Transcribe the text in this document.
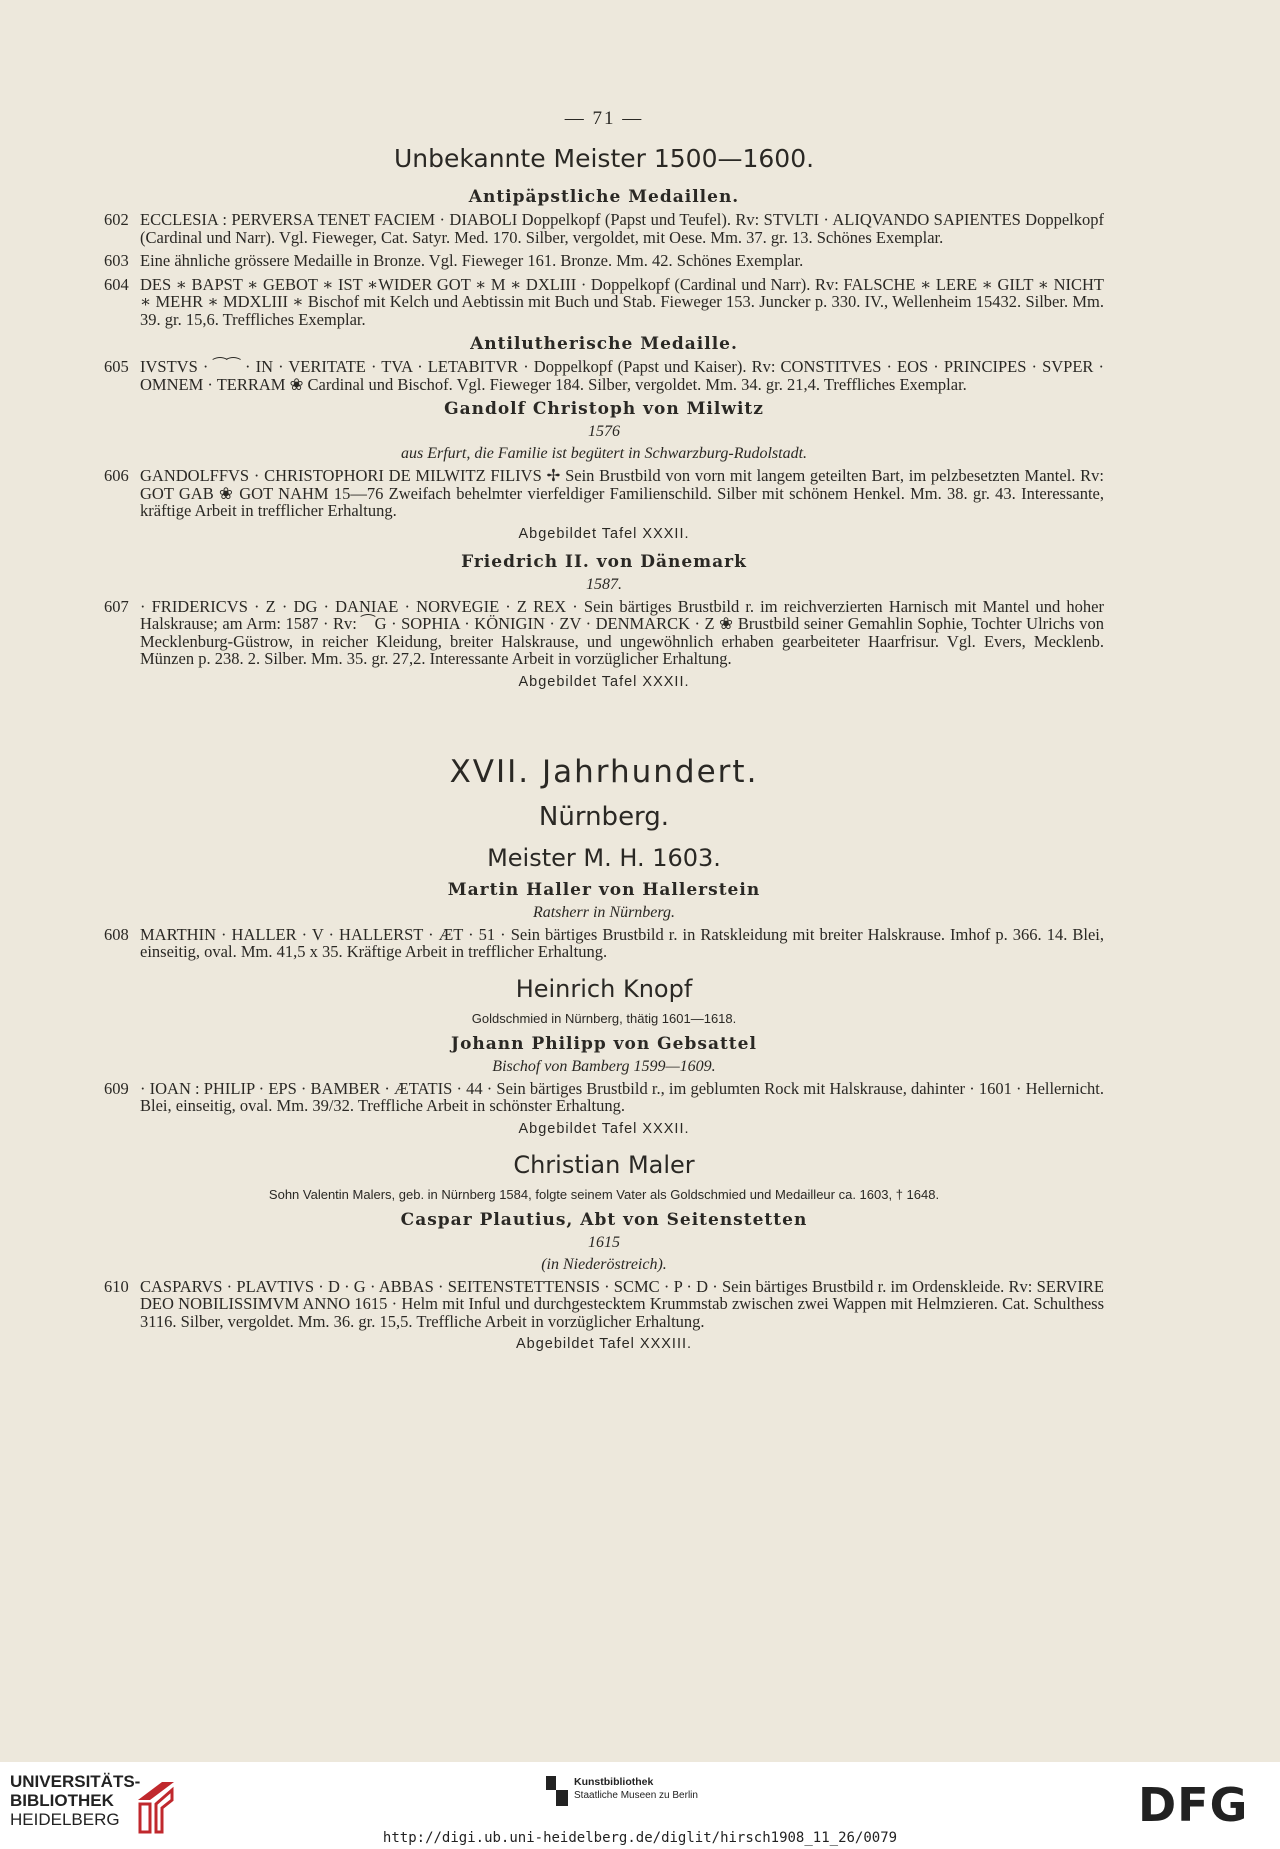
— 71 —
Unbekannte Meister 1500—1600.
Antipäpstliche Medaillen.
602 ECCLESIA : PERVERSA TENET FACIEM · DIABOLI Doppelkopf (Papst und Teufel). Rv: STVLTI · ALIQVANDO SAPIENTES Doppelkopf (Cardinal und Narr). Vgl. Fieweger, Cat. Satyr. Med. 170. Silber, vergoldet, mit Oese. Mm. 37. gr. 13. Schönes Exemplar.
603 Eine ähnliche grössere Medaille in Bronze. Vgl. Fieweger 161. Bronze. Mm. 42. Schönes Exemplar.
604 DES ∗ BAPST ∗ GEBOT ∗ IST ∗WIDER GOT ∗ M ∗ DXLIII · Doppelkopf (Cardinal und Narr). Rv: FALSCHE ∗ LERE ∗ GILT ∗ NICHT ∗ MEHR ∗ MDXLIII ∗ Bischof mit Kelch und Aebtissin mit Buch und Stab. Fieweger 153. Juncker p. 330. IV., Wellenheim 15432. Silber. Mm. 39. gr. 15,6. Treffliches Exemplar.
Antilutherische Medaille.
605 IVSTVS · ⁀⁀ · IN · VERITATE · TVA · LETABITVR · Doppelkopf (Papst und Kaiser). Rv: CONSTITVES · EOS · PRINCIPES · SVPER · OMNEM · TERRAM ❀ Cardinal und Bischof. Vgl. Fieweger 184. Silber, vergoldet. Mm. 34. gr. 21,4. Treffliches Exemplar.
Gandolf Christoph von Milwitz
1576
aus Erfurt, die Familie ist begütert in Schwarzburg-Rudolstadt.
606 GANDOLFFVS · CHRISTOPHORI DE MILWITZ FILIVS ✢ Sein Brustbild von vorn mit langem geteilten Bart, im pelzbesetzten Mantel. Rv: GOT GAB ❀ GOT NAHM 15—76 Zweifach behelmter vierfeldiger Familienschild. Silber mit schönem Henkel. Mm. 38. gr. 43. Interessante, kräftige Arbeit in trefflicher Erhaltung.
Abgebildet Tafel XXXII.
Friedrich II. von Dänemark
1587.
607 · FRIDERICVS · Z · DG · DANIAE · NORVEGIE · Z REX · Sein bärtiges Brustbild r. im reichverzierten Harnisch mit Mantel und hoher Halskrause; am Arm: 1587 · Rv: ⁀G · SOPHIA · KÖNIGIN · ZV · DENMARCK · Z ❀ Brustbild seiner Gemahlin Sophie, Tochter Ulrichs von Mecklenburg-Güstrow, in reicher Kleidung, breiter Halskrause, und ungewöhnlich erhaben gearbeiteter Haarfrisur. Vgl. Evers, Mecklenb. Münzen p. 238. 2. Silber. Mm. 35. gr. 27,2. Interessante Arbeit in vorzüglicher Erhaltung.
Abgebildet Tafel XXXII.
XVII. Jahrhundert.
Nürnberg.
Meister M. H. 1603.
Martin Haller von Hallerstein
Ratsherr in Nürnberg.
608 MARTHIN · HALLER · V · HALLERST · ÆT · 51 · Sein bärtiges Brustbild r. in Ratskleidung mit breiter Halskrause. Imhof p. 366. 14. Blei, einseitig, oval. Mm. 41,5 x 35. Kräftige Arbeit in trefflicher Erhaltung.
Heinrich Knopf
Goldschmied in Nürnberg, thätig 1601—1618.
Johann Philipp von Gebsattel
Bischof von Bamberg 1599—1609.
609 · IOAN : PHILIP · EPS · BAMBER · ÆTATIS · 44 · Sein bärtiges Brustbild r., im geblumten Rock mit Halskrause, dahinter · 1601 · Hellernicht. Blei, einseitig, oval. Mm. 39/32. Treffliche Arbeit in schönster Erhaltung.
Abgebildet Tafel XXXII.
Christian Maler
Sohn Valentin Malers, geb. in Nürnberg 1584, folgte seinem Vater als Goldschmied und Medailleur ca. 1603, † 1648.
Caspar Plautius, Abt von Seitenstetten
1615
(in Niederöstreich).
610 CASPARVS · PLAVTIVS · D · G · ABBAS · SEITENSTETTENSIS · SCMC · P · D · Sein bärtiges Brustbild r. im Ordenskleide. Rv: SERVIRE DEO NOBILISSIMVM ANNO 1615 · Helm mit Inful und durchgestecktem Krummstab zwischen zwei Wappen mit Helmzieren. Cat. Schulthess 3116. Silber, vergoldet. Mm. 36. gr. 15,5. Treffliche Arbeit in vorzüglicher Erhaltung.
Abgebildet Tafel XXXIII.
UNIVERSITÄTS-
BIBLIOTHEK
HEIDELBERG
Kunstbibliothek
Staatliche Museen zu Berlin	DFG
http://digi.ub.uni-heidelberg.de/diglit/hirsch1908_11_26/0079
